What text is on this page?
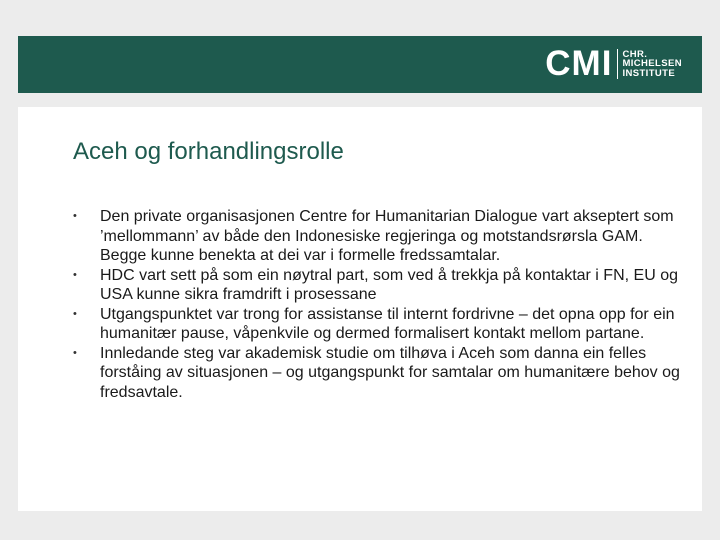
CMI CHR.
MICHELSEN
INSTITUTE
Aceh og forhandlingsrolle
•	Den private organisasjonen Centre for Humanitarian Dialogue vart akseptert som ’mellommann’ av både den Indonesiske regjeringa og motstandsrørsla GAM. Begge kunne benekta at dei var i formelle fredssamtalar.
•	HDC vart sett på som ein nøytral part, som ved å trekkja på kontaktar i FN, EU og USA kunne sikra framdrift i prosessane
•	Utgangspunktet var trong for assistanse til internt fordrivne – det opna opp for ein humanitær pause, våpenkvile og dermed formalisert kontakt mellom partane.
•	Innledande steg var akademisk studie om tilhøva i Aceh som danna ein felles forståing av situasjonen – og utgangspunkt for samtalar om humanitære behov og fredsavtale.
